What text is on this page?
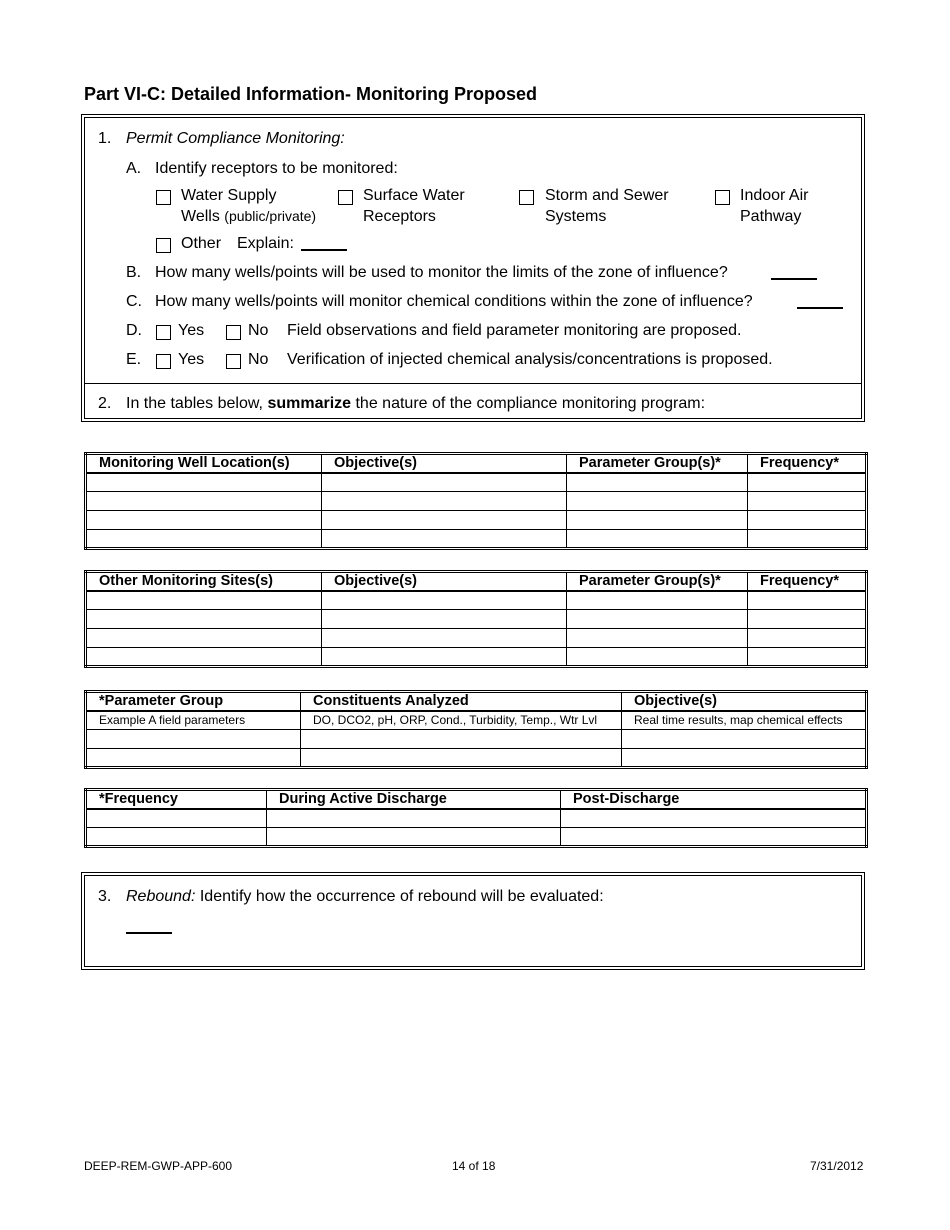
Part VI-C: Detailed Information- Monitoring Proposed
1. Permit Compliance Monitoring:
A. Identify receptors to be monitored:
Water Supply
Wells (public/private)
Surface Water
Receptors
Storm and Sewer
Systems
Indoor Air
Pathway
Other Explain:
B. How many wells/points will be used to monitor the limits of the zone of influence?
C. How many wells/points will monitor chemical conditions within the zone of influence?
D. Yes	No Field observations and field parameter monitoring are proposed.
E. Yes	No Verification of injected chemical analysis/concentrations is proposed.
2. In the tables below, summarize the nature of the compliance monitoring program:
Monitoring Well Location(s)	Objective(s)	Parameter Group(s)*	Frequency*

Other Monitoring Sites(s)	Objective(s)	Parameter Group(s)*	Frequency*

*Parameter Group	Constituents Analyzed	Objective(s)
Example A field parameters	DO, DCO2, pH, ORP, Cond., Turbidity, Temp., Wtr Lvl	Real time results, map chemical effects

*Frequency	During Active Discharge	Post-Discharge

3. Rebound: Identify how the occurrence of rebound will be evaluated:
DEEP-REM-GWP-APP-600	14 of 18	7/31/2012
